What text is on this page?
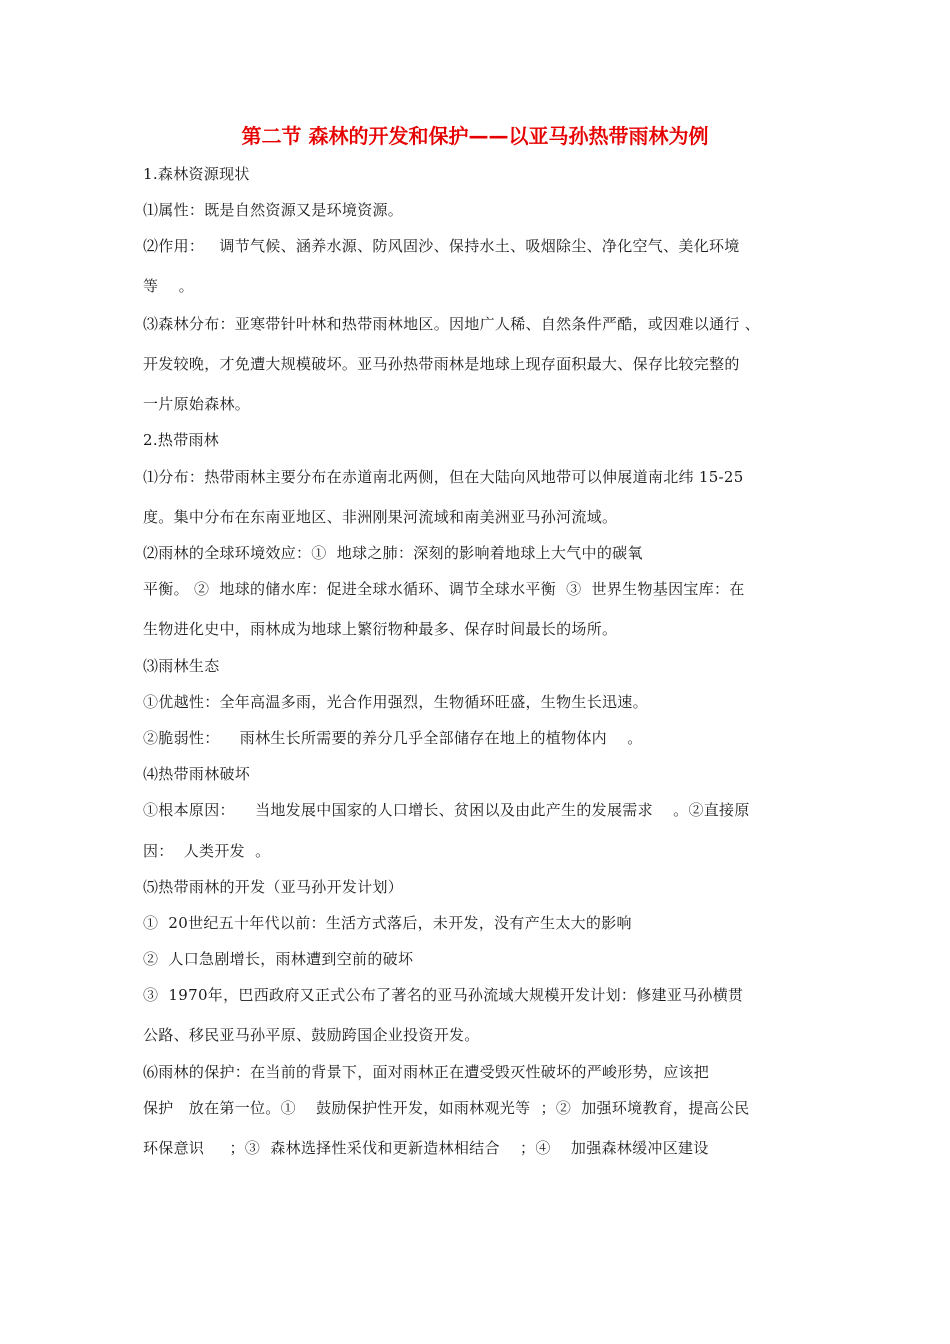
第二节 森林的开发和保护——以亚马孙热带雨林为例
1.森林资源现状
⑴属性：既是自然资源又是环境资源。
⑵作用：   调节气候、涵养水源、防风固沙、保持水土、吸烟除尘、净化空气、美化环境
等    。
⑶森林分布：亚寒带针叶林和热带雨林地区。因地广人稀、自然条件严酷，或因难以通行 、
开发较晚，才免遭大规模破坏。亚马孙热带雨林是地球上现存面积最大、保存比较完整的
一片原始森林。
2.热带雨林
⑴分布：热带雨林主要分布在赤道南北两侧，但在大陆向风地带可以伸展道南北纬 15-25
度。集中分布在东南亚地区、非洲刚果河流域和南美洲亚马孙河流域。
⑵雨林的全球环境效应：①  地球之肺：深刻的影响着地球上大气中的碳氧
平衡。 ②  地球的储水库：促进全球水循环、调节全球水平衡  ③  世界生物基因宝库：在
生物进化史中，雨林成为地球上繁衍物种最多、保存时间最长的场所。
⑶雨林生态
①优越性：全年高温多雨，光合作用强烈，生物循环旺盛，生物生长迅速。
②脆弱性：    雨林生长所需要的养分几乎全部储存在地上的植物体内    。
⑷热带雨林破坏
①根本原因：    当地发展中国家的人口增长、贫困以及由此产生的发展需求    。②直接原
因：  人类开发  。
⑸热带雨林的开发（亚马孙开发计划）
①  20世纪五十年代以前：生活方式落后，未开发，没有产生太大的影响
②  人口急剧增长，雨林遭到空前的破坏
③  1970年，巴西政府又正式公布了著名的亚马孙流域大规模开发计划：修建亚马孙横贯
公路、移民亚马孙平原、鼓励跨国企业投资开发。
⑹雨林的保护：在当前的背景下，面对雨林正在遭受毁灭性破坏的严峻形势，应该把
保护   放在第一位。①    鼓励保护性开发，如雨林观光等  ；②  加强环境教育，提高公民
环保意识     ；③  森林选择性采伐和更新造林相结合    ；④    加强森林缓冲区建设
